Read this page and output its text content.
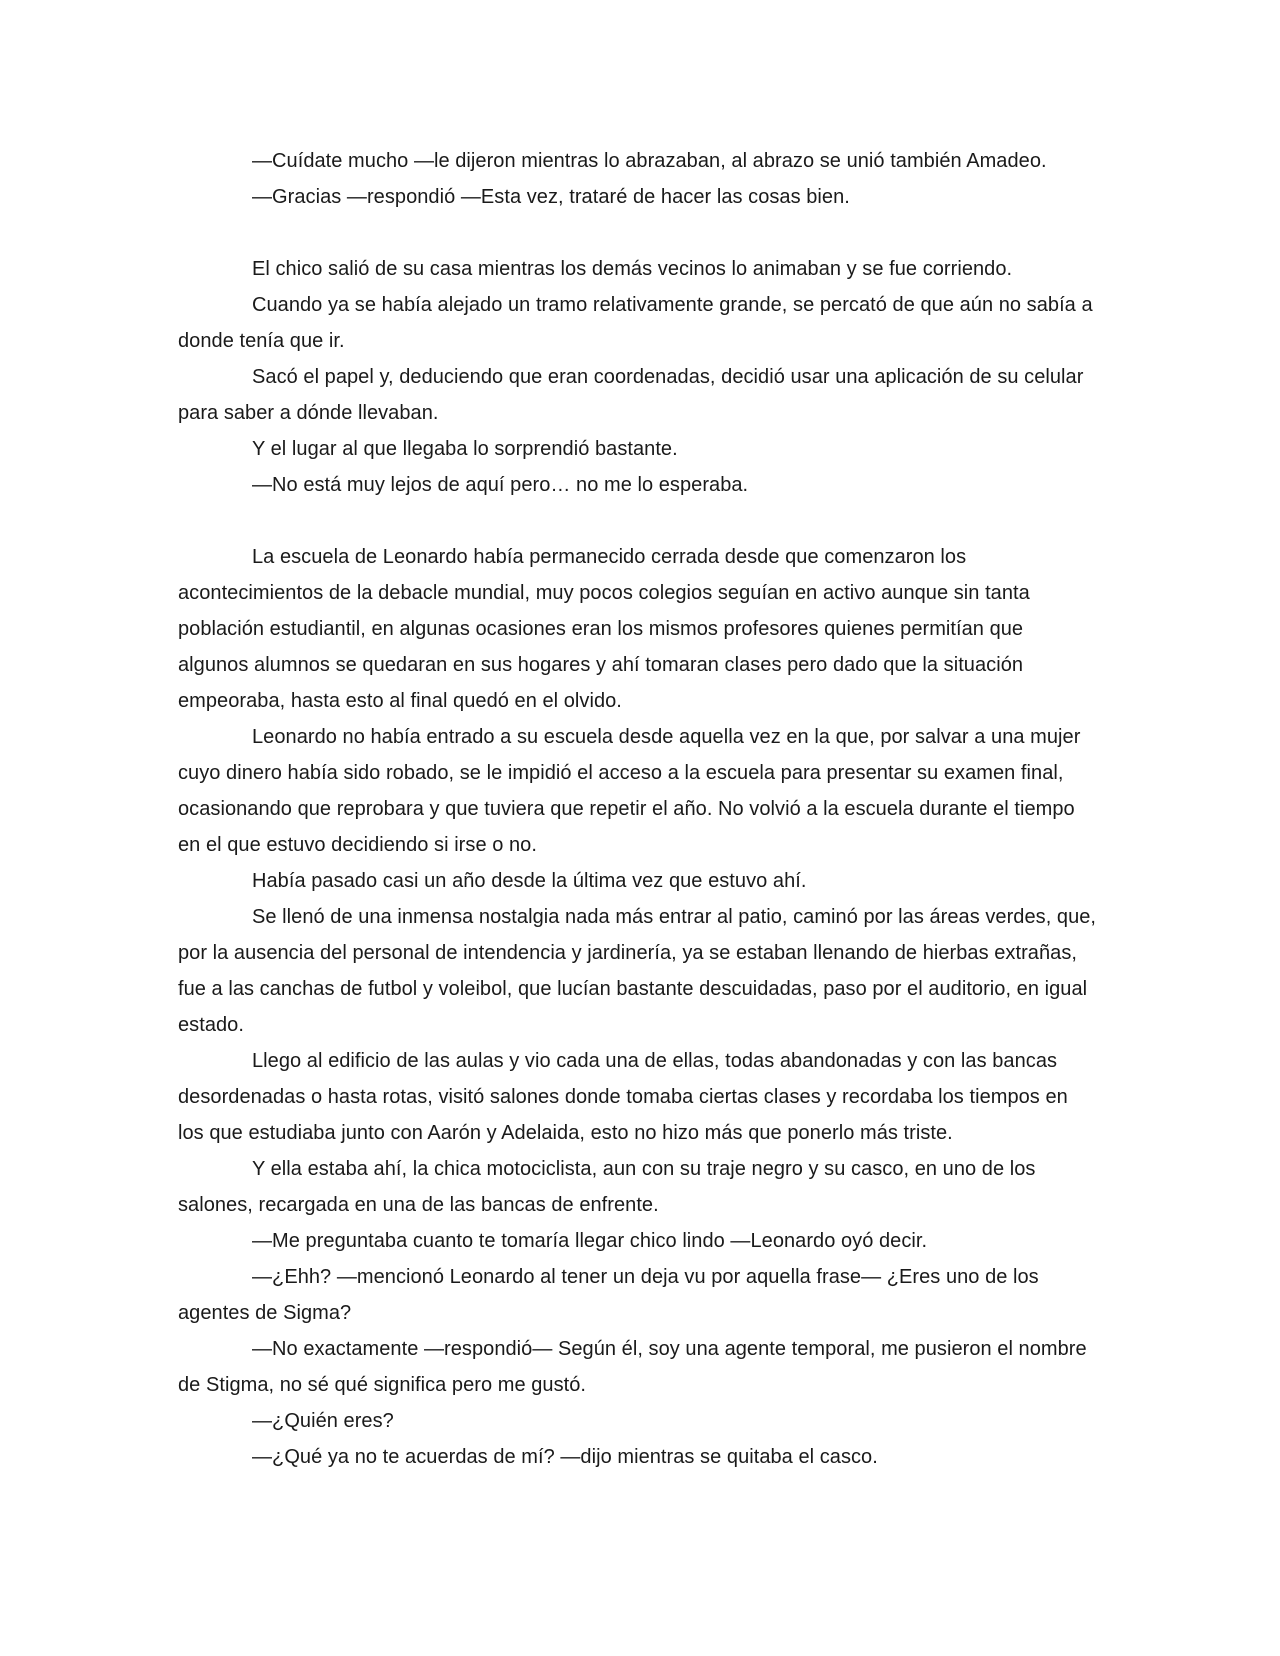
—Cuídate mucho —le dijeron mientras lo abrazaban, al abrazo se unió también Amadeo.

—Gracias —respondió —Esta vez, trataré de hacer las cosas bien.

El chico salió de su casa mientras los demás vecinos lo animaban y se fue corriendo.

Cuando ya se había alejado un tramo relativamente grande, se percató de que aún no sabía a donde tenía que ir.

Sacó el papel y, deduciendo que eran coordenadas, decidió usar una aplicación de su celular para saber a dónde llevaban.

Y el lugar al que llegaba lo sorprendió bastante.

—No está muy lejos de aquí pero… no me lo esperaba.

La escuela de Leonardo había permanecido cerrada desde que comenzaron los acontecimientos de la debacle mundial, muy pocos colegios seguían en activo aunque sin tanta población estudiantil, en algunas ocasiones eran los mismos profesores quienes permitían que algunos alumnos se quedaran en sus hogares y ahí tomaran clases pero dado que la situación empeoraba, hasta esto al final quedó en el olvido.

Leonardo no había entrado a su escuela desde aquella vez en la que, por salvar a una mujer cuyo dinero había sido robado, se le impidió el acceso a la escuela para presentar su examen final, ocasionando que reprobara y que tuviera que repetir el año. No volvió a la escuela durante el tiempo en el que estuvo decidiendo si irse o no.

Había pasado casi un año desde la última vez que estuvo ahí.

Se llenó de una inmensa nostalgia nada más entrar al patio, caminó por las áreas verdes, que, por la ausencia del personal de intendencia y jardinería, ya se estaban llenando de hierbas extrañas, fue a las canchas de futbol y voleibol, que lucían bastante descuidadas, paso por el auditorio, en igual estado.

Llego al edificio de las aulas y vio cada una de ellas, todas abandonadas y con las bancas desordenadas o hasta rotas, visitó salones donde tomaba ciertas clases y recordaba los tiempos en los que estudiaba junto con Aarón y Adelaida, esto no hizo más que ponerlo más triste.

Y ella estaba ahí, la chica motociclista, aun con su traje negro y su casco, en uno de los salones, recargada en una de las bancas de enfrente.

—Me preguntaba cuanto te tomaría llegar chico lindo —Leonardo oyó decir.

—¿Ehh? —mencionó Leonardo al tener un deja vu por aquella frase— ¿Eres uno de los agentes de Sigma?

—No exactamente —respondió— Según él, soy una agente temporal, me pusieron el nombre de Stigma, no sé qué significa pero me gustó.

—¿Quién eres?

—¿Qué ya no te acuerdas de mí? —dijo mientras se quitaba el casco.
